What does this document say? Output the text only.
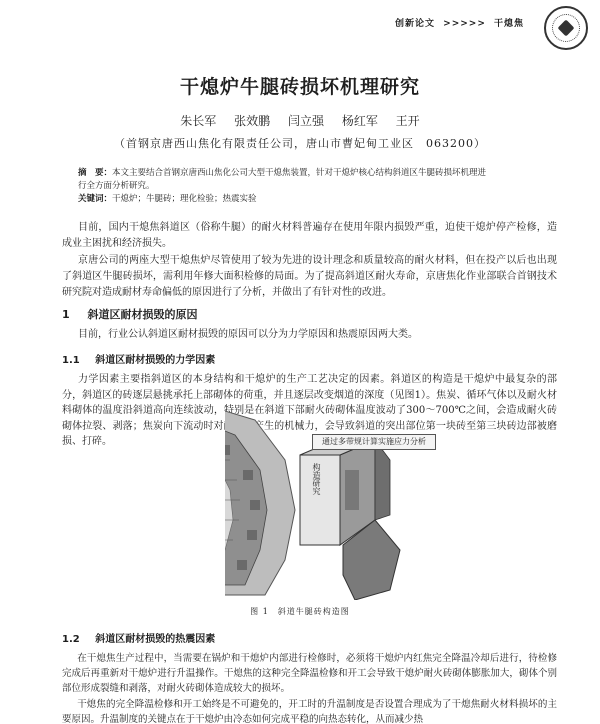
创新论文 >>>>> 干熄焦
干熄炉牛腿砖损坏机理研究
朱长军 张效鹏 闫立强 杨红军 王开
（首钢京唐西山焦化有限责任公司，唐山市曹妃甸工业区　063200）
摘　要：本文主要结合首钢京唐西山焦化公司大型干熄焦装置，针对干熄炉核心结构斜道区牛腿砖损坏机理进
行全方面分析研究。
关键词：干熄炉；牛腿砖；理化检验；热震实验
目前，国内干熄焦斜道区（俗称牛腿）的耐火材料普遍存在使用年限内损毁严重，迫使干熄炉停产检修，造成业主困扰和经济损失。
京唐公司的两座大型干熄焦炉尽管使用了较为先进的设计理念和质量较高的耐火材料，但在投产以后也出现了斜道区牛腿砖损坏，需利用年修大面积检修的局面。为了提高斜道区耐火寿命，京唐焦化作业部联合首钢技术研究院对造成耐材寿命偏低的原因进行了分析，并做出了有针对性的改进。
1 斜道区耐材损毁的原因
目前，行业公认斜道区耐材损毁的原因可以分为力学原因和热震原因两大类。
1.1 斜道区耐材损毁的力学因素
力学因素主要指斜道区的本身结构和干熄炉的生产工艺决定的因素。斜道区的构造是干熄炉中最复杂的部分，斜道区的砖逐层悬挑承托上部砌体的荷重，并且逐层改变烟道的深度（见图1）。焦炭、循环气体以及耐火材料砌体的温度沿斜道高向连续波动，特别是在斜道下部耐火砖砌体温度波动了300～700℃之间，会造成耐火砖砌体拉裂、剥落；焦炭向下流动时对耐火砖产生的机械力，会导致斜道的突出部位第一块砖至第三块砖边部被磨损、打碎。	通过多带规计算实施应力分析
构造研究
图 1　斜道牛腿砖构造图
1.2 斜道区耐材损毁的热震因素
在干熄焦生产过程中，当需要在锅炉和干熄炉内部进行检修时，必须将干熄炉内红焦完全降温冷却后进行，待检修完成后再重新对干熄炉进行升温操作。干熄焦的这种完全降温检修和开工会导致干熄炉耐火砖砌体膨胀加大，砌体个别部位形成裂缝和剥落，对耐火砖砌体造成较大的损坏。
干熄焦的完全降温检修和开工始终是不可避免的，开工时的升温制度是否设置合理成为了干熄焦耐火材料损坏的主要原因。升温制度的关键点在于干熄炉由冷态如何完成平稳的向热态转化，从而减少热
